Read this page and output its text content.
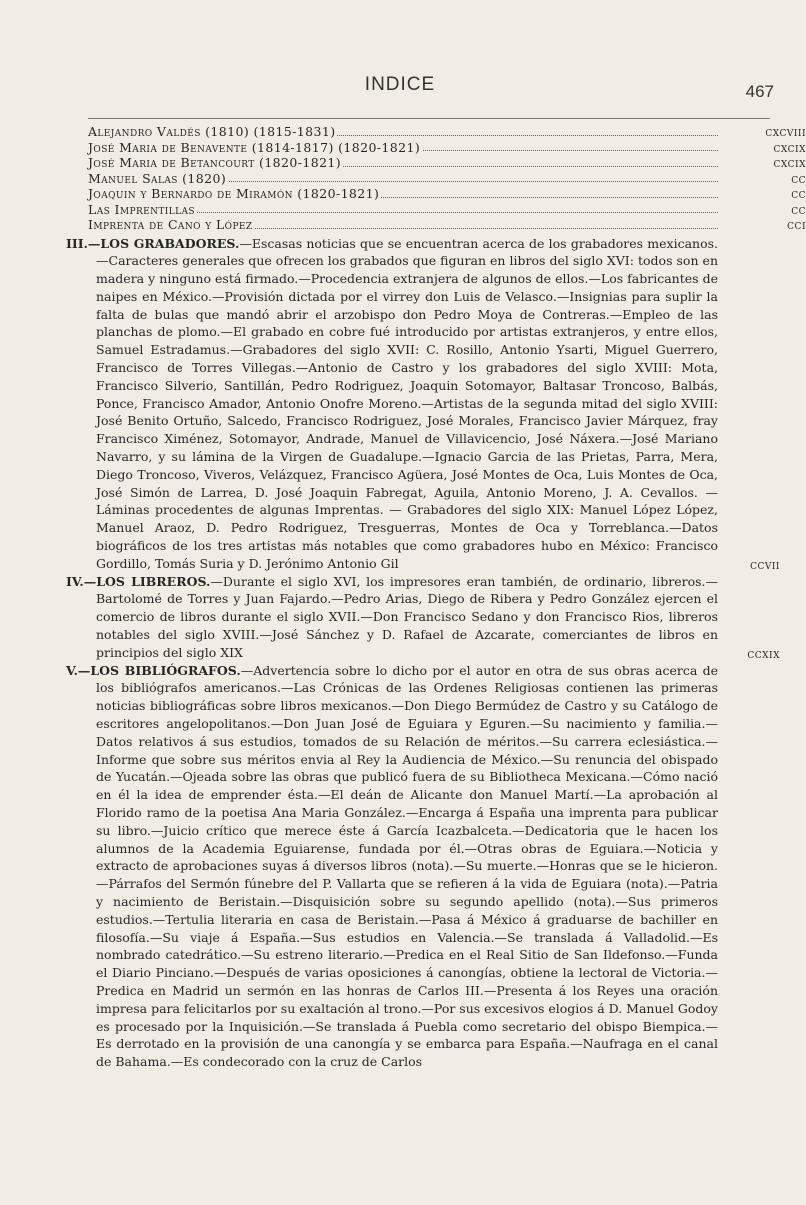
INDICE	467
Alejandro Valdés (1810) (1815-1831)	cxcviii
José Maria de Benavente (1814-1817) (1820-1821)	cxcix
José Maria de Betancourt (1820-1821)	cxcix
Manuel Salas (1820)	cc
Joaquin y Bernardo de Miramón (1820-1821)	cc
Las Imprentillas	cc
Imprenta de Cano y López	cci
III.—LOS GRABADORES.—Escasas noticias que se encuentran acerca de los grabadores mexicanos.—Caracteres generales que ofrecen los grabados que figuran en libros del siglo XVI: todos son en madera y ninguno está firmado.—Procedencia extranjera de algunos de ellos.—Los fabricantes de naipes en México.—Provisión dictada por el virrey don Luis de Velasco.—Insignias para suplir la falta de bulas que mandó abrir el arzobispo don Pedro Moya de Contreras.—Empleo de las planchas de plomo.—El grabado en cobre fué introducido por artistas extranjeros, y entre ellos, Samuel Estradamus.—Grabadores del siglo XVII: C. Rosillo, Antonio Ysarti, Miguel Guerrero, Francisco de Torres Villegas.—Antonio de Castro y los grabadores del siglo XVIII: Mota, Francisco Silverio, Santillán, Pedro Rodriguez, Joaquin Sotomayor, Baltasar Troncoso, Balbás, Ponce, Francisco Amador, Antonio Onofre Moreno.—Artistas de la segunda mitad del siglo XVIII: José Benito Ortuño, Salcedo, Francisco Rodriguez, José Morales, Francisco Javier Márquez, fray Francisco Ximénez, Sotomayor, Andrade, Manuel de Villavicencio, José Náxera.—José Mariano Navarro, y su lámina de la Virgen de Guadalupe.—Ignacio Garcia de las Prietas, Parra, Mera, Diego Troncoso, Viveros, Velázquez, Francisco Agüera, José Montes de Oca, Luis Montes de Oca, José Simón de Larrea, D. José Joaquin Fabregat, Aguila, Antonio Moreno, J. A. Cevallos. — Láminas procedentes de algunas Imprentas. — Grabadores del siglo XIX: Manuel López López, Manuel Araoz, D. Pedro Rodriguez, Tresguerras, Montes de Oca y Torreblanca.—Datos biográficos de los tres artistas más notables que como grabadores hubo en México: Francisco Gordillo, Tomás Suria y D. Jerónimo Antonio Gil	ccvii
IV.—LOS LIBREROS.—Durante el siglo XVI, los impresores eran también, de ordinario, libreros.—Bartolomé de Torres y Juan Fajardo.—Pedro Arias, Diego de Ribera y Pedro González ejercen el comercio de libros durante el siglo XVII.—Don Francisco Sedano y don Francisco Rios, libreros notables del siglo XVIII.—José Sánchez y D. Rafael de Azcarate, comerciantes de libros en principios del siglo XIX	ccxix
V.—LOS BIBLIÓGRAFOS.—Advertencia sobre lo dicho por el autor en otra de sus obras acerca de los bibliógrafos americanos.—Las Crónicas de las Ordenes Religiosas contienen las primeras noticias bibliográficas sobre libros mexicanos.—Don Diego Bermúdez de Castro y su Catálogo de escritores angelopolitanos.—Don Juan José de Eguiara y Eguren.—Su nacimiento y familia.—Datos relativos á sus estudios, tomados de su Relación de méritos.—Su carrera eclesiástica.—Informe que sobre sus méritos envia al Rey la Audiencia de México.—Su renuncia del obispado de Yucatán.—Ojeada sobre las obras que publicó fuera de su Bibliotheca Mexicana.—Cómo nació en él la idea de emprender ésta.—El deán de Alicante don Manuel Martí.—La aprobación al Florido ramo de la poetisa Ana Maria González.—Encarga á España una imprenta para publicar su libro.—Juicio crítico que merece éste á García Icazbalceta.—Dedicatoria que le hacen los alumnos de la Academia Eguiarense, fundada por él.—Otras obras de Eguiara.—Noticia y extracto de aprobaciones suyas á diversos libros (nota).—Su muerte.—Honras que se le hicieron.—Párrafos del Sermón fúnebre del P. Vallarta que se refieren á la vida de Eguiara (nota).—Patria y nacimiento de Beristain.—Disquisición sobre su segundo apellido (nota).—Sus primeros estudios.—Tertulia literaria en casa de Beristain.—Pasa á México á graduarse de bachiller en filosofía.—Su viaje á España.—Sus estudios en Valencia.—Se translada á Valladolid.—Es nombrado catedrático.—Su estreno literario.—Predica en el Real Sitio de San Ildefonso.—Funda el Diario Pinciano.—Después de varias oposiciones á canongías, obtiene la lectoral de Victoria.—Predica en Madrid un sermón en las honras de Carlos III.—Presenta á los Reyes una oración impresa para felicitarlos por su exaltación al trono.—Por sus excesivos elogios á D. Manuel Godoy es procesado por la Inquisición.—Se translada á Puebla como secretario del obispo Biempica.—Es derrotado en la provisión de una canongía y se embarca para España.—Naufraga en el canal de Bahama.—Es condecorado con la cruz de Carlos
